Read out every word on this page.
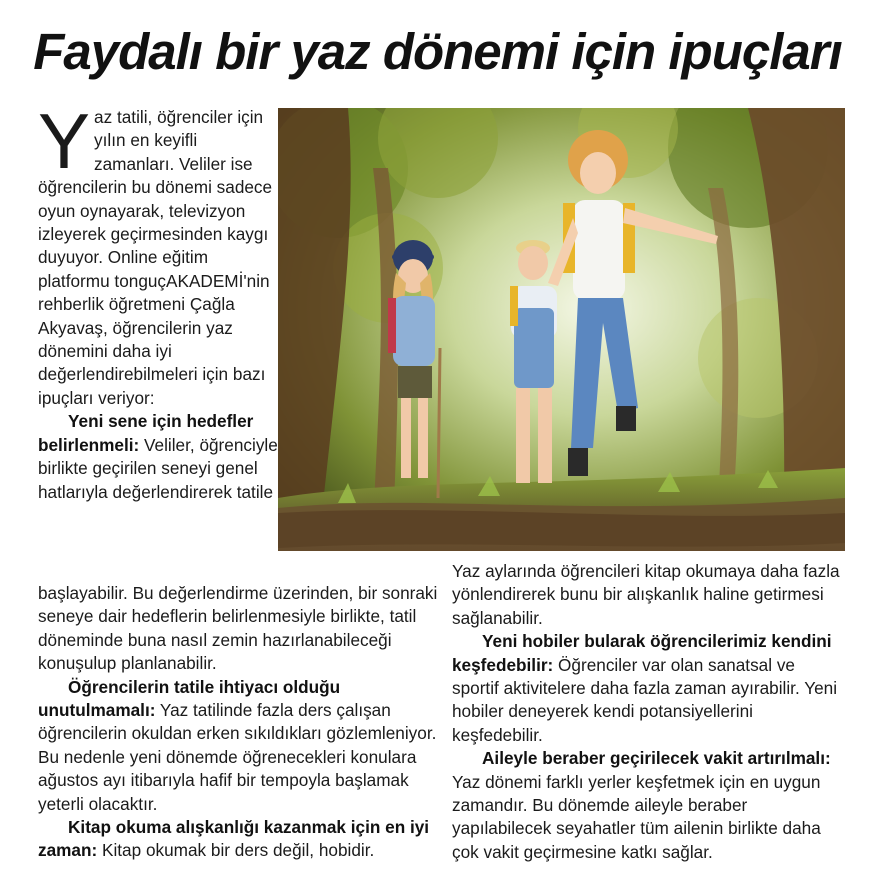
Faydalı bir yaz dönemi için ipuçları

Yaz tatili, öğrenciler için yılın en keyifli zamanları. Veliler ise öğrencilerin bu dönemi sadece oyun oynayarak, televizyon izleyerek geçirmesinden kaygı duyuyor. Online eğitim platformu tonguçAKADEMİ'nin rehberlik öğretmeni Çağla Akyavaş, öğrencilerin yaz dönemini daha iyi değerlendirebilmeleri için bazı ipuçları veriyor:

Yeni sene için hedefler belirlenmeli: Veliler, öğrenciyle birlikte geçirilen seneyi genel hatlarıyla değerlendirerek tatile

başlayabilir. Bu değerlendirme üzerinden, bir sonraki seneye dair hedeflerin belirlenmesiyle birlikte, tatil döneminde buna nasıl zemin hazırlanabileceği konuşulup planlanabilir.

Öğrencilerin tatile ihtiyacı olduğu unutulmamalı: Yaz tatilinde fazla ders çalışan öğrencilerin okuldan erken sıkıldıkları gözlemleniyor. Bu nedenle yeni dönemde öğrenecekleri konulara ağustos ayı itibarıyla hafif bir tempoyla başlamak yeterli olacaktır.

Kitap okuma alışkanlığı kazanmak için en iyi zaman: Kitap okumak bir ders değil, hobidir.

Yaz aylarında öğrencileri kitap okumaya daha fazla yönlendirerek bunu bir alışkanlık haline getirmesi sağlanabilir.

Yeni hobiler bularak öğrencilerimiz kendini keşfedebilir: Öğrenciler var olan sanatsal ve sportif aktivitelere daha fazla zaman ayırabilir. Yeni hobiler deneyerek kendi potansiyellerini keşfedebilir.

Aileyle beraber geçirilecek vakit artırılmalı: Yaz dönemi farklı yerler keşfetmek için en uygun zamandır. Bu dönemde aileyle beraber yapılabilecek seyahatler tüm ailenin birlikte daha çok vakit geçirmesine katkı sağlar.
